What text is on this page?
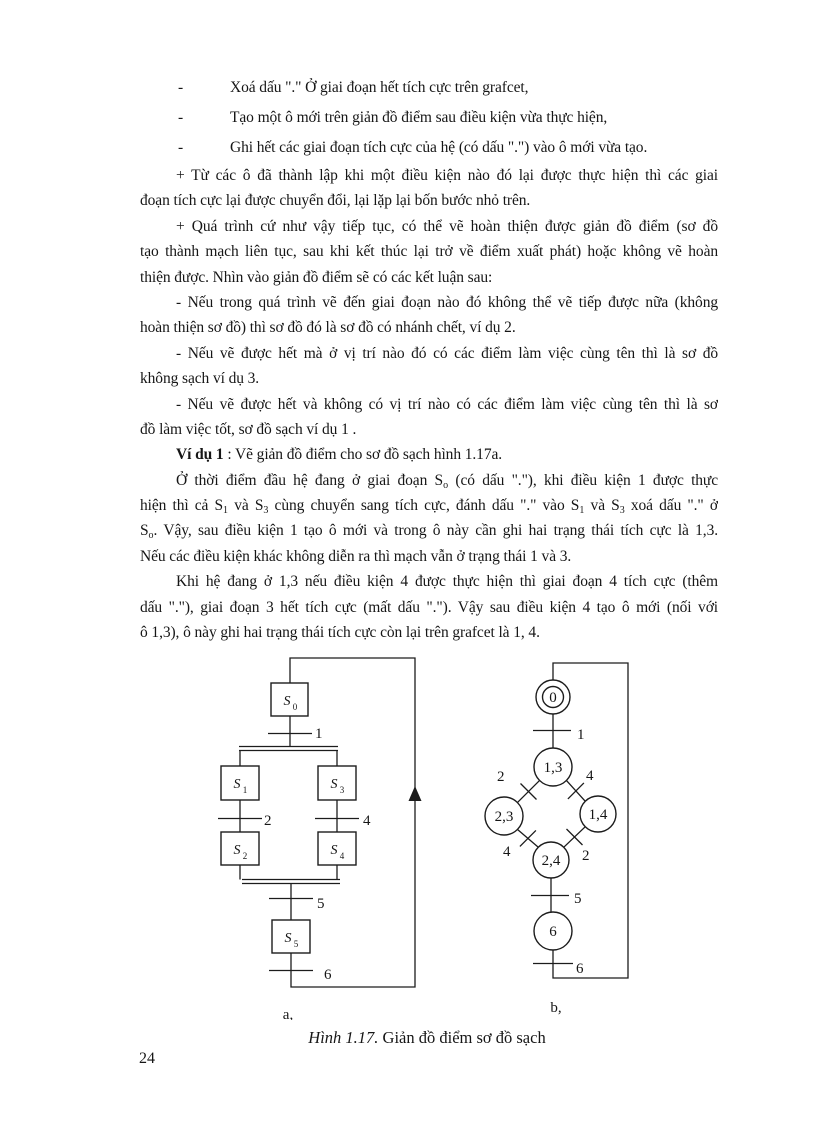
-	Xoá dấu "." Ở giai đoạn hết tích cực trên grafcet,
-	Tạo một ô mới trên giản đồ điểm sau điều kiện vừa thực hiện,
-	Ghi hết các giai đoạn tích cực của hệ (có dấu ".") vào ô mới vừa tạo.
+ Từ các ô đã thành lập khi một điều kiện nào đó lại được thực hiện thì các giai
đoạn tích cực lại được chuyển đổi, lại lặp lại bốn bước nhỏ trên.
+ Quá trình cứ như vậy tiếp tục, có thể vẽ hoàn thiện được giản đồ điểm (sơ đồ
tạo thành mạch liên tục, sau khi kết thúc lại trở về điểm xuất phát) hoặc không vẽ hoàn
thiện được. Nhìn vào giản đồ điểm sẽ có các kết luận sau:
- Nếu trong quá trình vẽ đến giai đoạn nào đó không thể vẽ tiếp được nữa (không
hoàn thiện sơ đồ) thì sơ đồ đó là sơ đồ có nhánh chết, ví dụ 2.
- Nếu vẽ được hết mà ở vị trí nào đó có các điểm làm việc cùng tên thì là sơ đồ
không sạch ví dụ 3.
- Nếu vẽ được hết và không có vị trí nào có các điểm làm việc cùng tên thì là sơ
đồ làm việc tốt, sơ đồ sạch ví dụ 1 .
Ví dụ 1 : Vẽ giản đồ điểm cho sơ đồ sạch hình 1.17a.
Ở thời điểm đầu hệ đang ở giai đoạn So (có dấu "."), khi điều kiện 1 được thực
hiện thì cả S1 và S3 cùng chuyển sang tích cực, đánh dấu "." vào S1 và S3 xoá dấu "." ở
So. Vậy, sau điều kiện 1 tạo ô mới và trong ô này cần ghi hai trạng thái tích cực là 1,3.
Nếu các điều kiện khác không diễn ra thì mạch vẫn ở trạng thái 1 và 3.
Khi hệ đang ở 1,3 nếu điều kiện 4 được thực hiện thì giai đoạn 4 tích cực (thêm
dấu "."), giai đoạn 3 hết tích cực (mất dấu "."). Vậy sau điều kiện 4 tạo ô mới (nối với
ô 1,3), ô này ghi hai trạng thái tích cực còn lại trên grafcet là 1, 4.
S 0
S 1	S 3
S 2	S 4
S 5
1
2	4
5
6
a,
0
1,3
2,3	1,4
2,4
6
1
2	4
4	2
5
6
b,
Hình 1.17. Giản đồ điểm sơ đồ sạch
24
